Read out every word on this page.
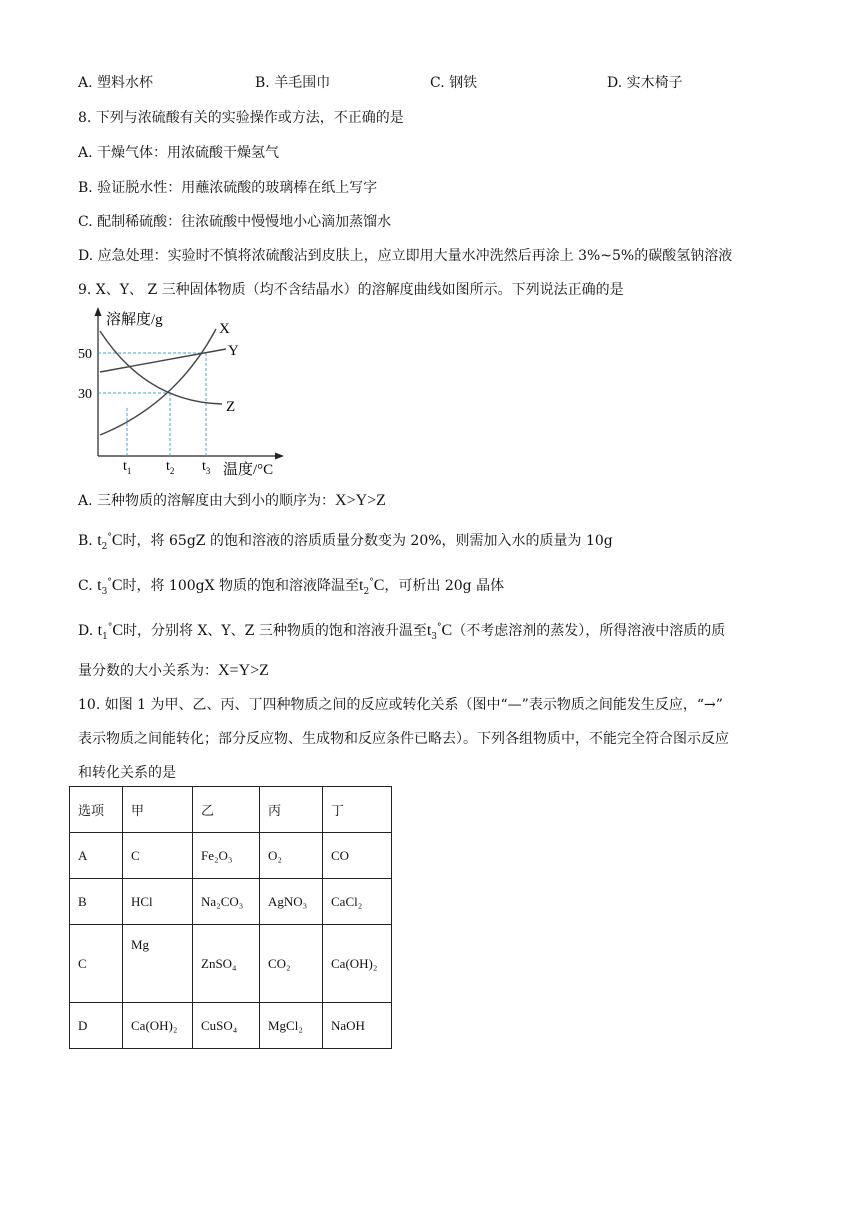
A. 塑料水杯	B. 羊毛围巾	C. 钢铁	D. 实木椅子
8. 下列与浓硫酸有关的实验操作或方法，不正确的是
A. 干燥气体：用浓硫酸干燥氢气
B. 验证脱水性：用蘸浓硫酸的玻璃棒在纸上写字
C. 配制稀硫酸：往浓硫酸中慢慢地小心滴加蒸馏水
D. 应急处理：实验时不慎将浓硫酸沾到皮肤上，应立即用大量水冲洗然后再涂上 3%~5%的碳酸氢钠溶液
9. X、Y、 Z 三种固体物质（均不含结晶水）的溶解度曲线如图所示。下列说法正确的是
溶解度/g
50
30
X
Y
Z
$t_1$ $t_2$ $t_3$ 温度/°C
A. 三种物质的溶解度由大到小的顺序为：X>Y>Z
B. $t_2^\circ C$时，将 65gZ 的饱和溶液的溶质质量分数变为 20%，则需加入水的质量为 10g
C. $t_3^\circ C$时，将 100gX 物质的饱和溶液降温至$t_2^\circ C$，可析出 20g 晶体
D. $t_1^\circ C$时，分别将 X、Y、Z 三种物质的饱和溶液升温至$t_3^\circ C$（不考虑溶剂的蒸发），所得溶液中溶质的质
量分数的大小关系为：X=Y>Z
10. 如图 1 为甲、乙、丙、丁四种物质之间的反应或转化关系（图中“—”表示物质之间能发生反应，“→”
表示物质之间能转化；部分反应物、生成物和反应条件已略去）。下列各组物质中，不能完全符合图示反应
和转化关系的是
选项	甲	乙	丙	丁
A	C	Fe₂O₃	O₂	CO
B	HCl	Na₂CO₃	AgNO₃	CaCl₂
C	Mg	ZnSO₄	CO₂	Ca(OH)₂
D	Ca(OH)₂	CuSO₄	MgCl₂	NaOH
